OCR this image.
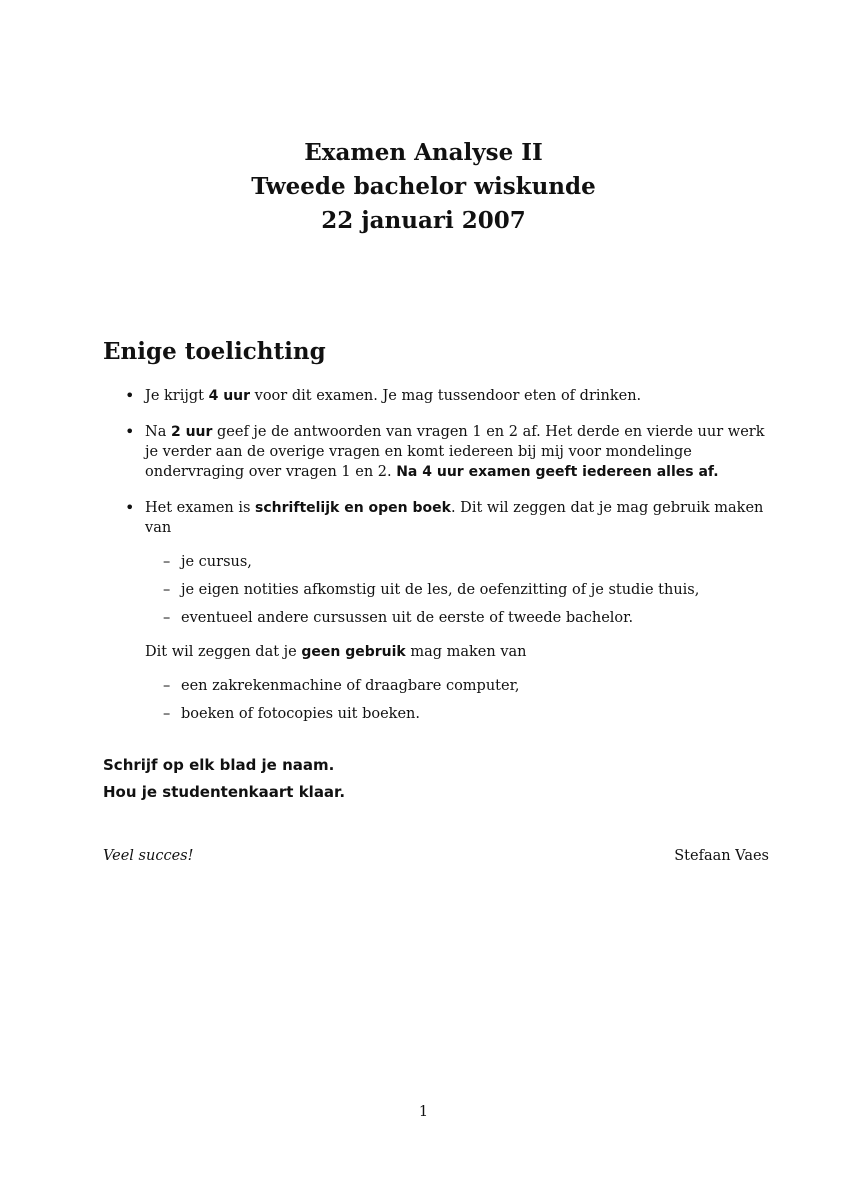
Examen Analyse II
Tweede bachelor wiskunde
22 januari 2007
Enige toelichting
• Je krijgt 4 uur voor dit examen. Je mag tussendoor eten of drinken.
• Na 2 uur geef je de antwoorden van vragen 1 en 2 af. Het derde en vierde uur werk je verder aan de overige vragen en komt iedereen bij mij voor mondelinge ondervraging over vragen 1 en 2. Na 4 uur examen geeft iedereen alles af.
• Het examen is schriftelijk en open boek. Dit wil zeggen dat je mag gebruik maken van
– je cursus,
– je eigen notities afkomstig uit de les, de oefenzitting of je studie thuis,
– eventueel andere cursussen uit de eerste of tweede bachelor.
Dit wil zeggen dat je geen gebruik mag maken van
– een zakrekenmachine of draagbare computer,
– boeken of fotocopies uit boeken.
Schrijf op elk blad je naam.
Hou je studentenkaart klaar.
Veel succes!	Stefaan Vaes
1
